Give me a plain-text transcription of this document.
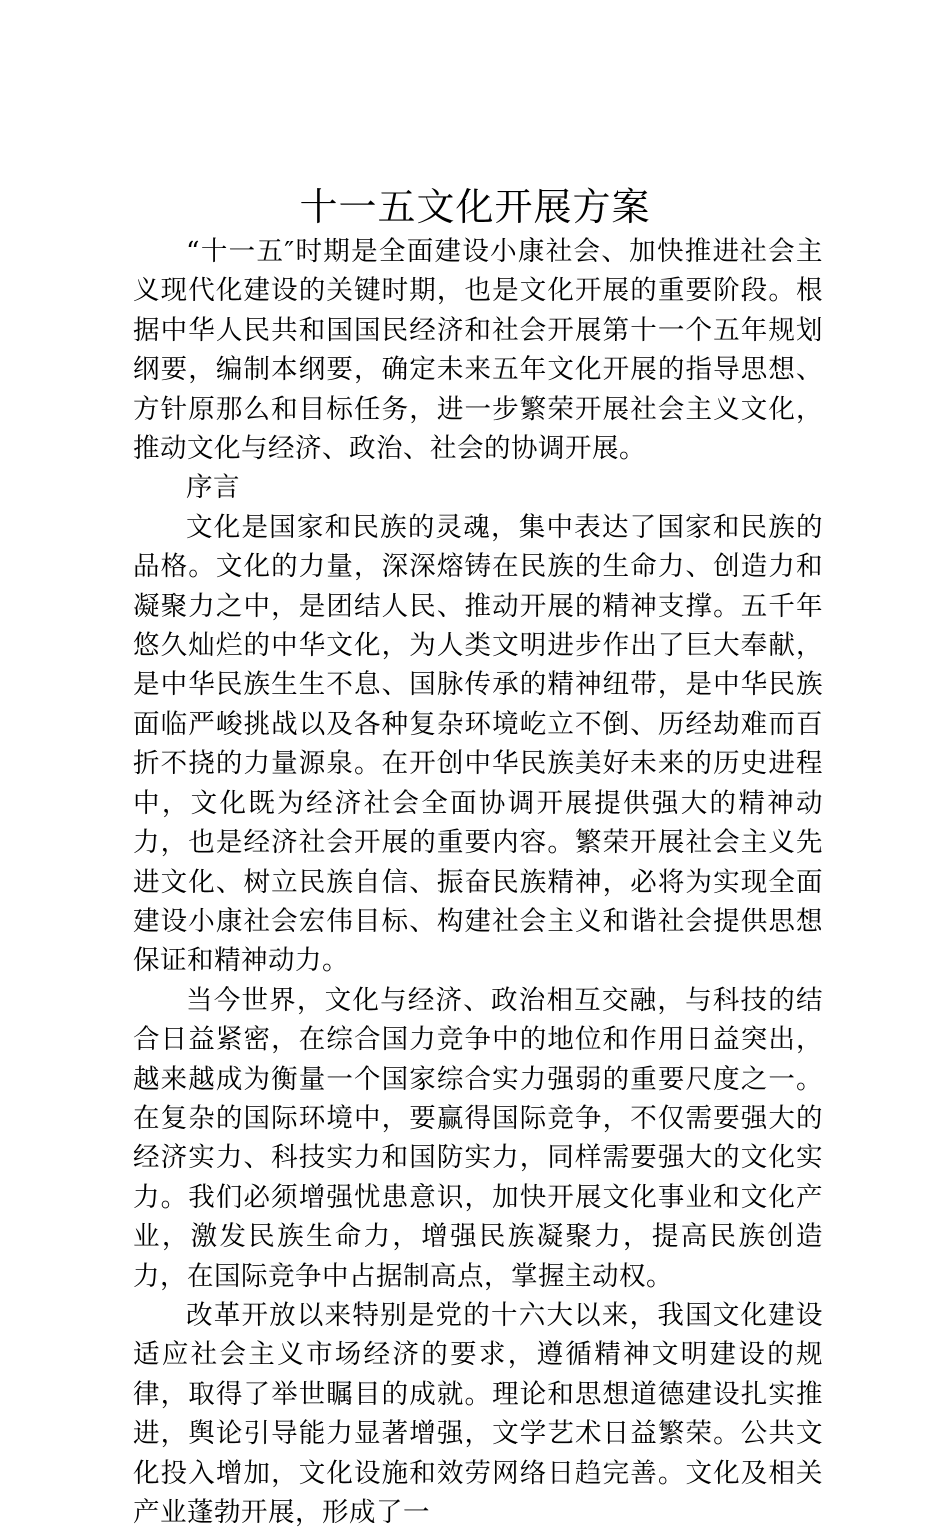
十一五文化开展方案

“十一五″时期是全面建设小康社会、加快推进社会主义现代化建设的关键时期，也是文化开展的重要阶段。根据中华人民共和国国民经济和社会开展第十一个五年规划纲要，编制本纲要，确定未来五年文化开展的指导思想、方针原那么和目标任务，进一步繁荣开展社会主义文化，推动文化与经济、政治、社会的协调开展。

序言

文化是国家和民族的灵魂，集中表达了国家和民族的品格。文化的力量，深深熔铸在民族的生命力、创造力和凝聚力之中，是团结人民、推动开展的精神支撑。五千年悠久灿烂的中华文化，为人类文明进步作出了巨大奉献，是中华民族生生不息、国脉传承的精神纽带，是中华民族面临严峻挑战以及各种复杂环境屹立不倒、历经劫难而百折不挠的力量源泉。在开创中华民族美好未来的历史进程中，文化既为经济社会全面协调开展提供强大的精神动力，也是经济社会开展的重要内容。繁荣开展社会主义先进文化、树立民族自信、振奋民族精神，必将为实现全面建设小康社会宏伟目标、构建社会主义和谐社会提供思想保证和精神动力。

当今世界，文化与经济、政治相互交融，与科技的结合日益紧密，在综合国力竞争中的地位和作用日益突出，越来越成为衡量一个国家综合实力强弱的重要尺度之一。在复杂的国际环境中，要赢得国际竞争，不仅需要强大的经济实力、科技实力和国防实力，同样需要强大的文化实力。我们必须增强忧患意识，加快开展文化事业和文化产业，激发民族生命力，增强民族凝聚力，提高民族创造力，在国际竞争中占据制高点，掌握主动权。

改革开放以来特别是党的十六大以来，我国文化建设适应社会主义市场经济的要求，遵循精神文明建设的规律，取得了举世瞩目的成就。理论和思想道德建设扎实推进，舆论引导能力显著增强，文学艺术日益繁荣。公共文化投入增加，文化设施和效劳网络日趋完善。文化及相关产业蓬勃开展，形成了一
